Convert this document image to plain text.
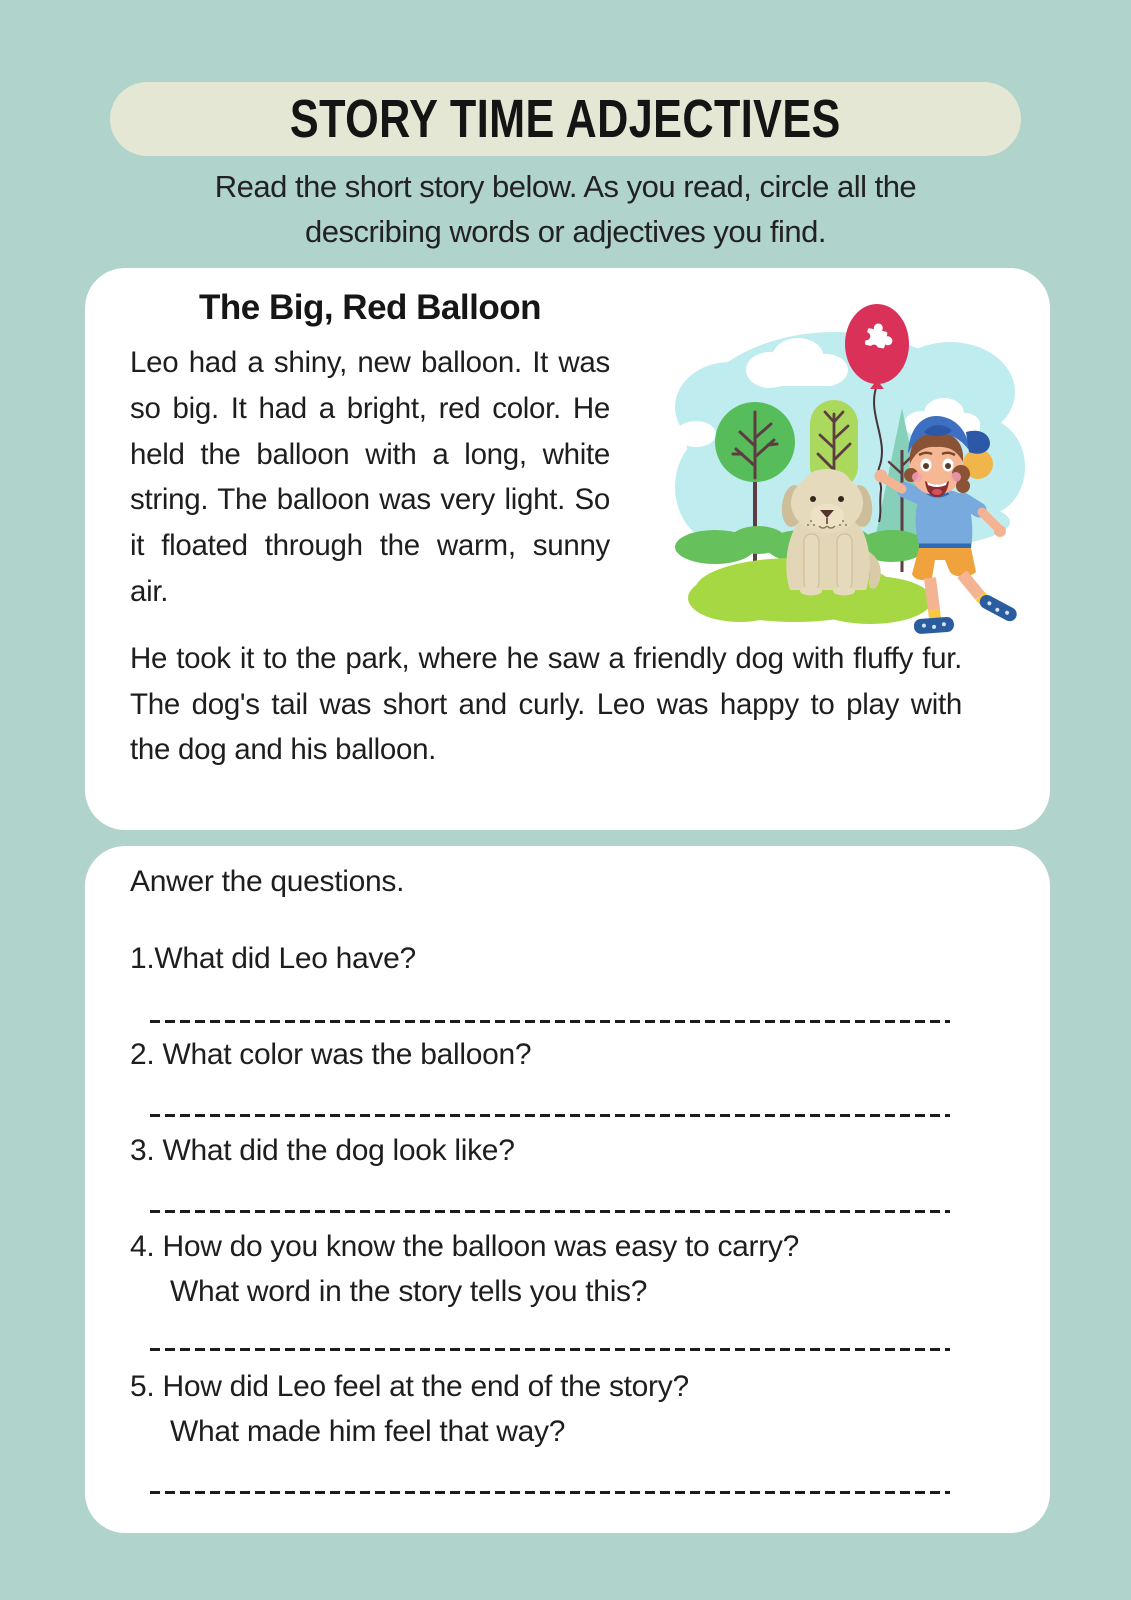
STORY TIME ADJECTIVES
Read the short story below. As you read, circle all the
describing words or adjectives you find.
The Big, Red Balloon
Leo had a shiny, new balloon. It was so big. It had a bright, red color. He held the balloon with a long, white string. The balloon was very light. So it floated through the warm, sunny air.
He took it to the park, where he saw a friendly dog with fluffy fur. The dog's tail was short and curly. Leo was happy to play with the dog and his balloon.
Anwer the questions.
1.What did Leo have?
2. What color was the balloon?
3. What did the dog look like?
4. How do you know the balloon was easy to carry?
What word in the story tells you this?
5. How did Leo feel at the end of the story?
What made him feel that way?
